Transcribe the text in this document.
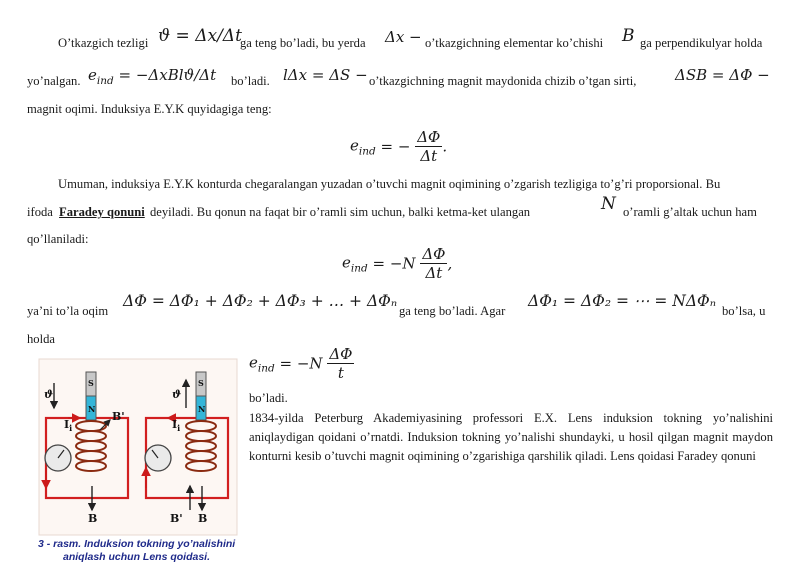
O’tkazgich tezligi ϑ = Δx/Δt
ga teng bo’ladi, bu yerda Δx − o’tkazgichning elementar ko’chishi B ga perpendikulyar holda
yo’nalgan. $e_{ind} = -\Delta xBlϑ/\Delta t$ bo’ladi. lΔx = ΔS − o’tkazgichning magnit maydonida chizib o’tgan sirti,	ΔSB = ΔΦ −
magnit oqimi. Induksiya E.Y.K quyidagiga teng:
$e_{ind}$ = − $\frac{\Delta\Phi}{\Delta t}$ .
Umuman, induksiya E.Y.K konturda chegaralangan yuzadan o’tuvchi magnit oqimining o’zgarish tezligiga to’g’ri proporsional. Bu
ifoda Faradey qonuni deyiladi. Bu qonun na faqat bir o’ramli sim uchun, balki ketma-ket ulangan	N o’ramli g’altak uchun ham
qo’llaniladi:
$e_{ind} = -N \frac{\Delta\Phi}{\Delta t}$ ,
ya’ni to’la oqim
ΔΦ = ΔΦ₁ + ΔΦ₂ + ΔΦ₃ + … + ΔΦₙ
ga teng bo’ladi. Agar
ΔΦ₁ = ΔΦ₂ = ⋯ = NΔΦₙ
bo’lsa, u
holda
$e_{ind} = -N \frac{\Delta\Phi}{t}$
bo’ladi.
1834-yilda Peterburg Akademiyasining professori E.X. Lens induksion tokning yo’nalishini aniqlaydigan qoidani o’rnatdi. Induksion tokning yo’nalishi shundayki, u hosil qilgan magnit maydon konturni kesib o’tuvchi magnit oqimining o’zgarishiga qarshilik qiladi. Lens qoidasi Faradey qonuni
ϑ
$I_i$
B'
B
S
N
ϑ
$I_i$
B' B
S
N
3 - rasm. Induksion tokning yo’nalishini
aniqlash uchun Lens qoidasi.
